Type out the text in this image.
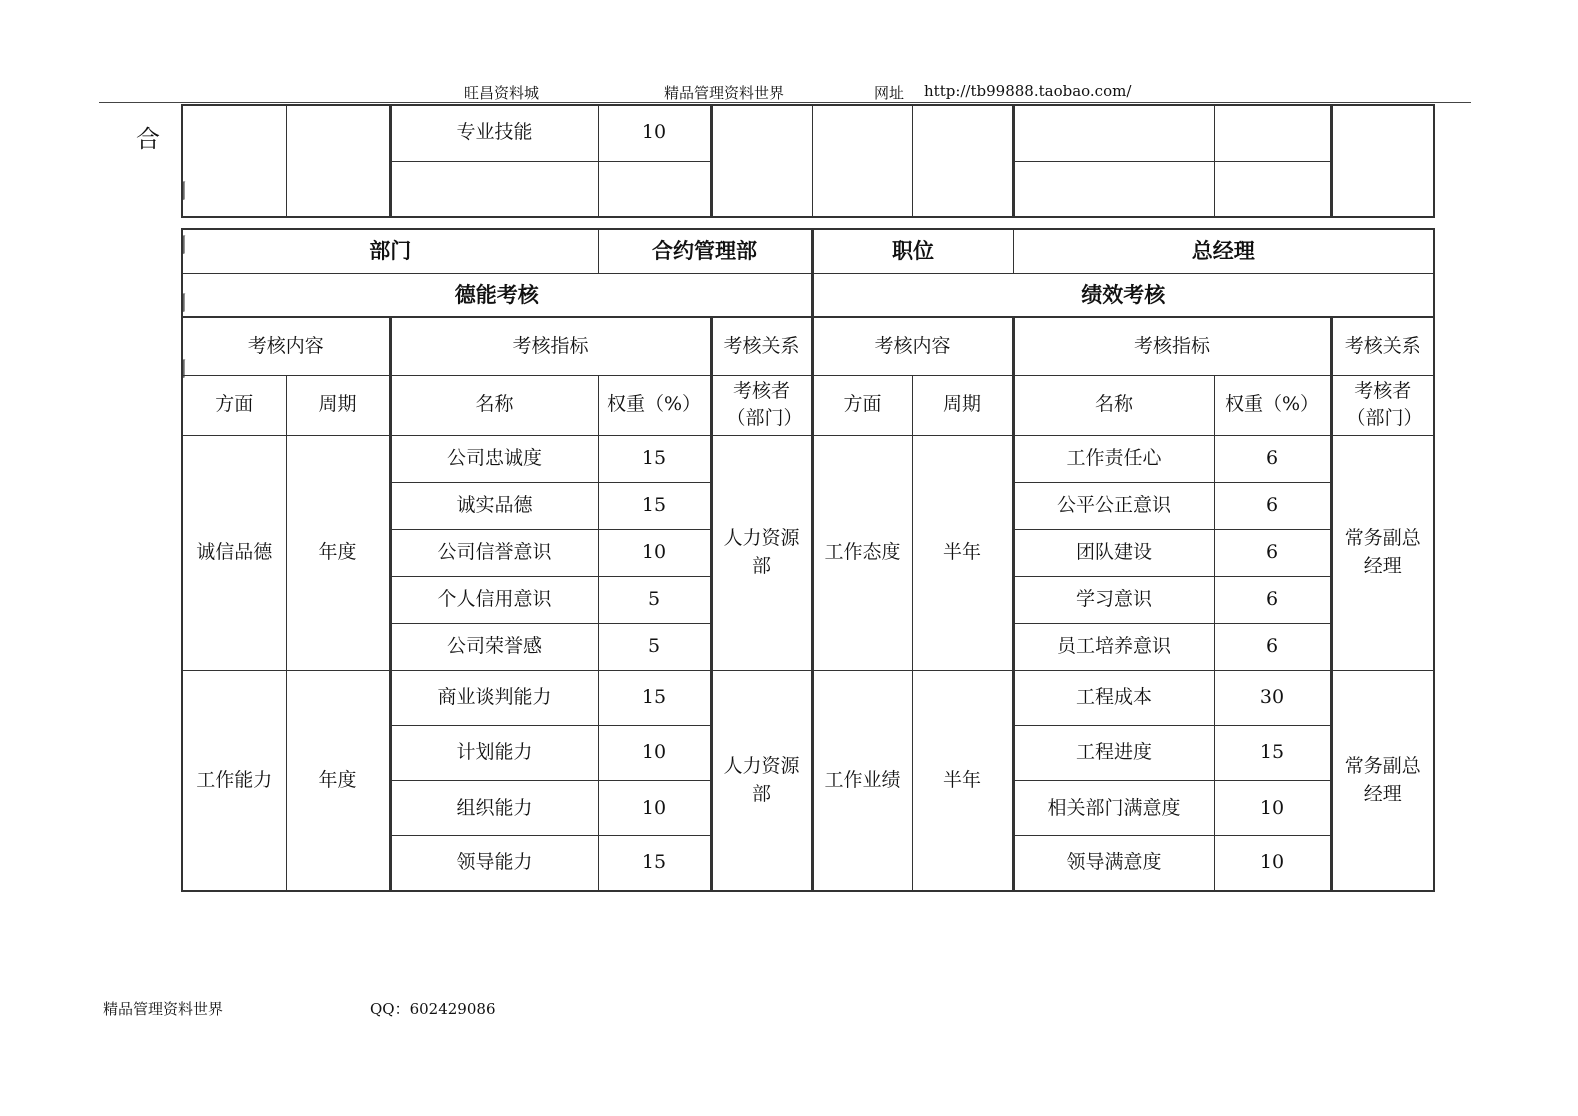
旺昌资料城	精品管理资料世界	网址 http://tb99888.taobao.com/
合
丨
丨
丨
丨
		专业技能	10						

部门			合约管理部		职位		总经理		
德能考核					绩效考核				
考核内容		考核指标		考核关系	考核内容		考核指标		考核关系
方面	周期	名称	权重（%）	考核者（部门）	方面	周期	名称	权重（%）	考核者（部门）
诚信品德	年度	公司忠诚度	15	人力资源部	工作态度	半年	工作责任心	6	常务副总经理
		诚实品德	15				公平公正意识	6	
		公司信誉意识	10				团队建设	6	
		个人信用意识	5				学习意识	6	
		公司荣誉感	5				员工培养意识	6	
工作能力	年度	商业谈判能力	15	人力资源部	工作业绩	半年	工程成本	30	常务副总经理
		计划能力	10				工程进度	15	
		组织能力	10				相关部门满意度	10	
		领导能力	15				领导满意度	10	
精品管理资料世界	QQ：602429086
